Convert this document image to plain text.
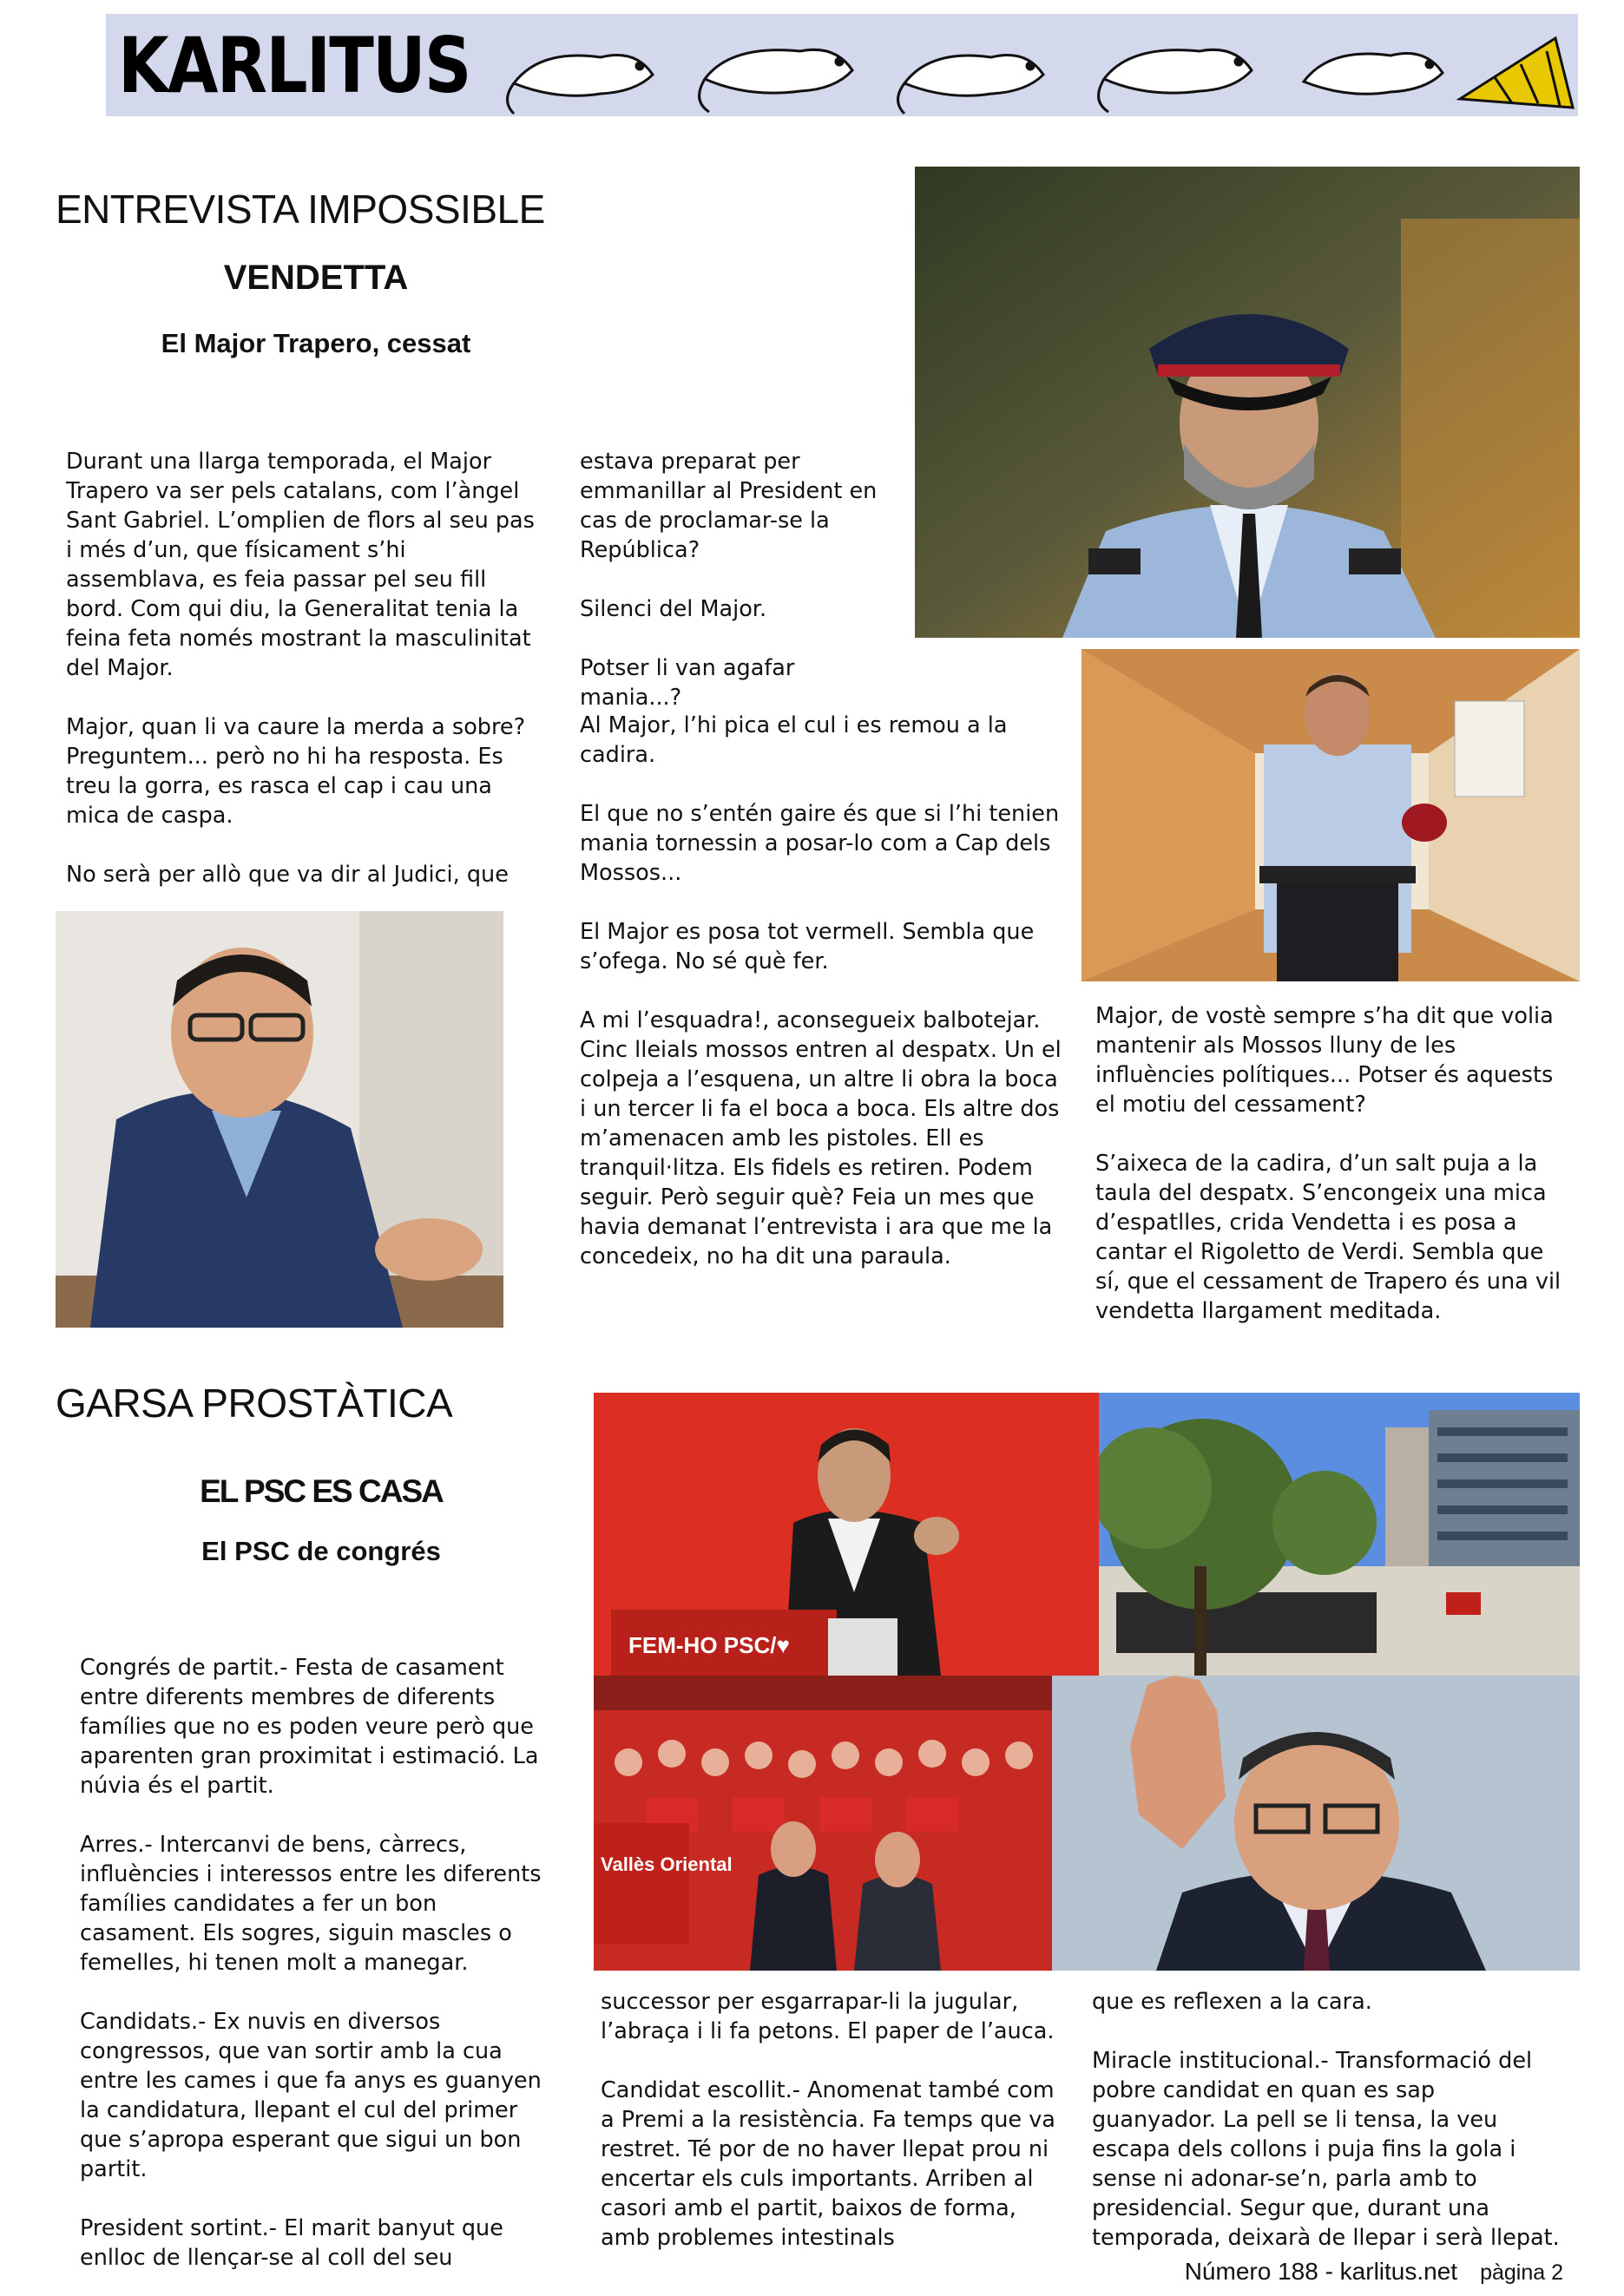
KARLITUS
ENTREVISTA IMPOSSIBLE
VENDETTA
El Major Trapero, cessat

Durant una llarga temporada, el Major Trapero va ser pels catalans, com l’àngel Sant Gabriel. L’omplien de flors al seu pas i més d’un, que físicament s’hi assemblava, es feia passar pel seu fill bord. Com qui diu, la Generalitat tenia la feina feta només mostrant la masculinitat del Major.

Major, quan li va caure la merda a sobre? Preguntem... però no hi ha resposta. Es treu la gorra, es rasca el cap i cau una mica de caspa.

No serà per allò que va dir al Judici, que

estava preparat per emmanillar al President en cas de proclamar-se la República?

Silenci del Major.

Potser li van agafar mania...?

Al Major, l’hi pica el cul i es remou a la cadira.

El que no s’entén gaire és que si l’hi tenien mania tornessin a posar-lo com a Cap dels Mossos...

El Major es posa tot vermell. Sembla que s’ofega. No sé què fer.

A mi l’esquadra!, aconsegueix balbotejar. Cinc lleials mossos entren al despatx. Un el colpeja a l’esquena, un altre li obra la boca i un tercer li fa el boca a boca. Els altre dos m’amenacen amb les pistoles. Ell es tranquil·litza. Els fidels es retiren. Podem seguir. Però seguir què? Feia un mes que havia demanat l’entrevista i ara que me la concedeix, no ha dit una paraula.

Major, de vostè sempre s’ha dit que volia mantenir als Mossos lluny de les influències polítiques... Potser és aquests el motiu del cessament?

S’aixeca de la cadira, d’un salt puja a la taula del despatx. S’encongeix una mica d’espatlles, crida Vendetta i es posa a cantar el Rigoletto de Verdi. Sembla que sí, que el cessament de Trapero és una vil vendetta llargament meditada.

GARSA PROSTÀTICA
EL PSC ES CASA
El PSC de congrés
FEM-HO PSC/♥
Vallès Oriental

Congrés de partit.- Festa de casament entre diferents membres de diferents famílies que no es poden veure però que aparenten gran proximitat i estimació. La núvia és el partit.

Arres.- Intercanvi de bens, càrrecs, influències i interessos entre les diferents famílies candidates a fer un bon casament. Els sogres, siguin mascles o femelles, hi tenen molt a manegar.

Candidats.- Ex nuvis en diversos congressos, que van sortir amb la cua entre les cames i que fa anys es guanyen la candidatura, llepant el cul del primer que s’apropa esperant que sigui un bon partit.

President sortint.- El marit banyut que enlloc de llençar-se al coll del seu

successor per esgarrapar-li la jugular, l’abraça i li fa petons. El paper de l’auca.

Candidat escollit.- Anomenat també com a Premi a la resistència. Fa temps que va restret. Té por de no haver llepat prou ni encertar els culs importants. Arriben al casori amb el partit, baixos de forma, amb problemes intestinals

que es reflexen a la cara.

Miracle institucional.- Transformació del pobre candidat en quan es sap guanyador. La pell se li tensa, la veu escapa dels collons i puja fins la gola i sense ni adonar-se’n, parla amb to presidencial. Segur que, durant una temporada, deixarà de llepar i serà llepat.

Número 188 - karlitus.net pàgina 2
